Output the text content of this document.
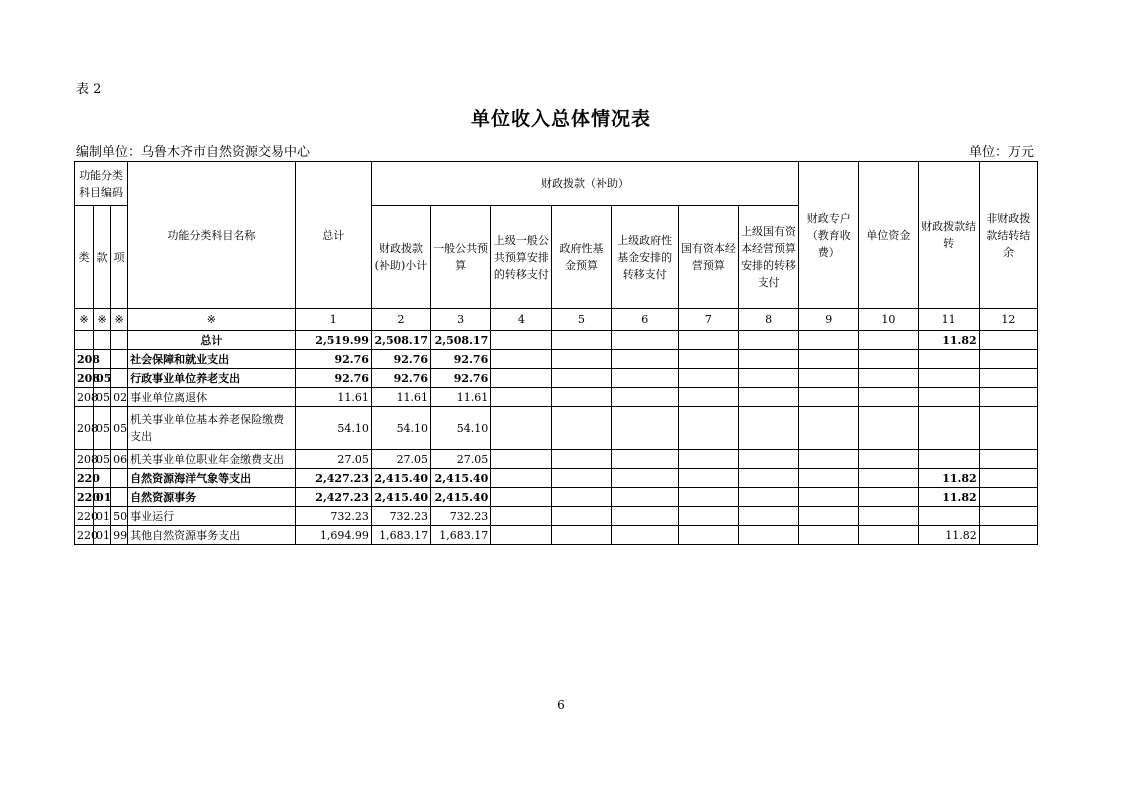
表 2
单位收入总体情况表
编制单位：乌鲁木齐市自然资源交易中心	单位：万元
功能分类科目编码			功能分类科目名称	总计	财政拨款（补助）							财政专户（教育收费）	单位资金	财政拨款结转	非财政拨款结转结余
类	款	项			财政拨款(补助)小计	一般公共预算	上级一般公共预算安排的转移支付	政府性基金预算	上级政府性基金安排的转移支付	国有资本经营预算	上级国有资本经营预算安排的转移支付				
※	※	※	※	1	2	3	4	5	6	7	8	9	10	11	12
			总计	2,519.99	2,508.17	2,508.17								11.82	
208			社会保障和就业支出	92.76	92.76	92.76									
208	05		行政事业单位养老支出	92.76	92.76	92.76									
208	05	02	事业单位离退休	11.61	11.61	11.61									
208	05	05	机关事业单位基本养老保险缴费支出	54.10	54.10	54.10									
208	05	06	机关事业单位职业年金缴费支出	27.05	27.05	27.05									
220			自然资源海洋气象等支出	2,427.23	2,415.40	2,415.40								11.82	
220	01		自然资源事务	2,427.23	2,415.40	2,415.40								11.82	
220	01	50	事业运行	732.23	732.23	732.23									
220	01	99	其他自然资源事务支出	1,694.99	1,683.17	1,683.17								11.82	
6
